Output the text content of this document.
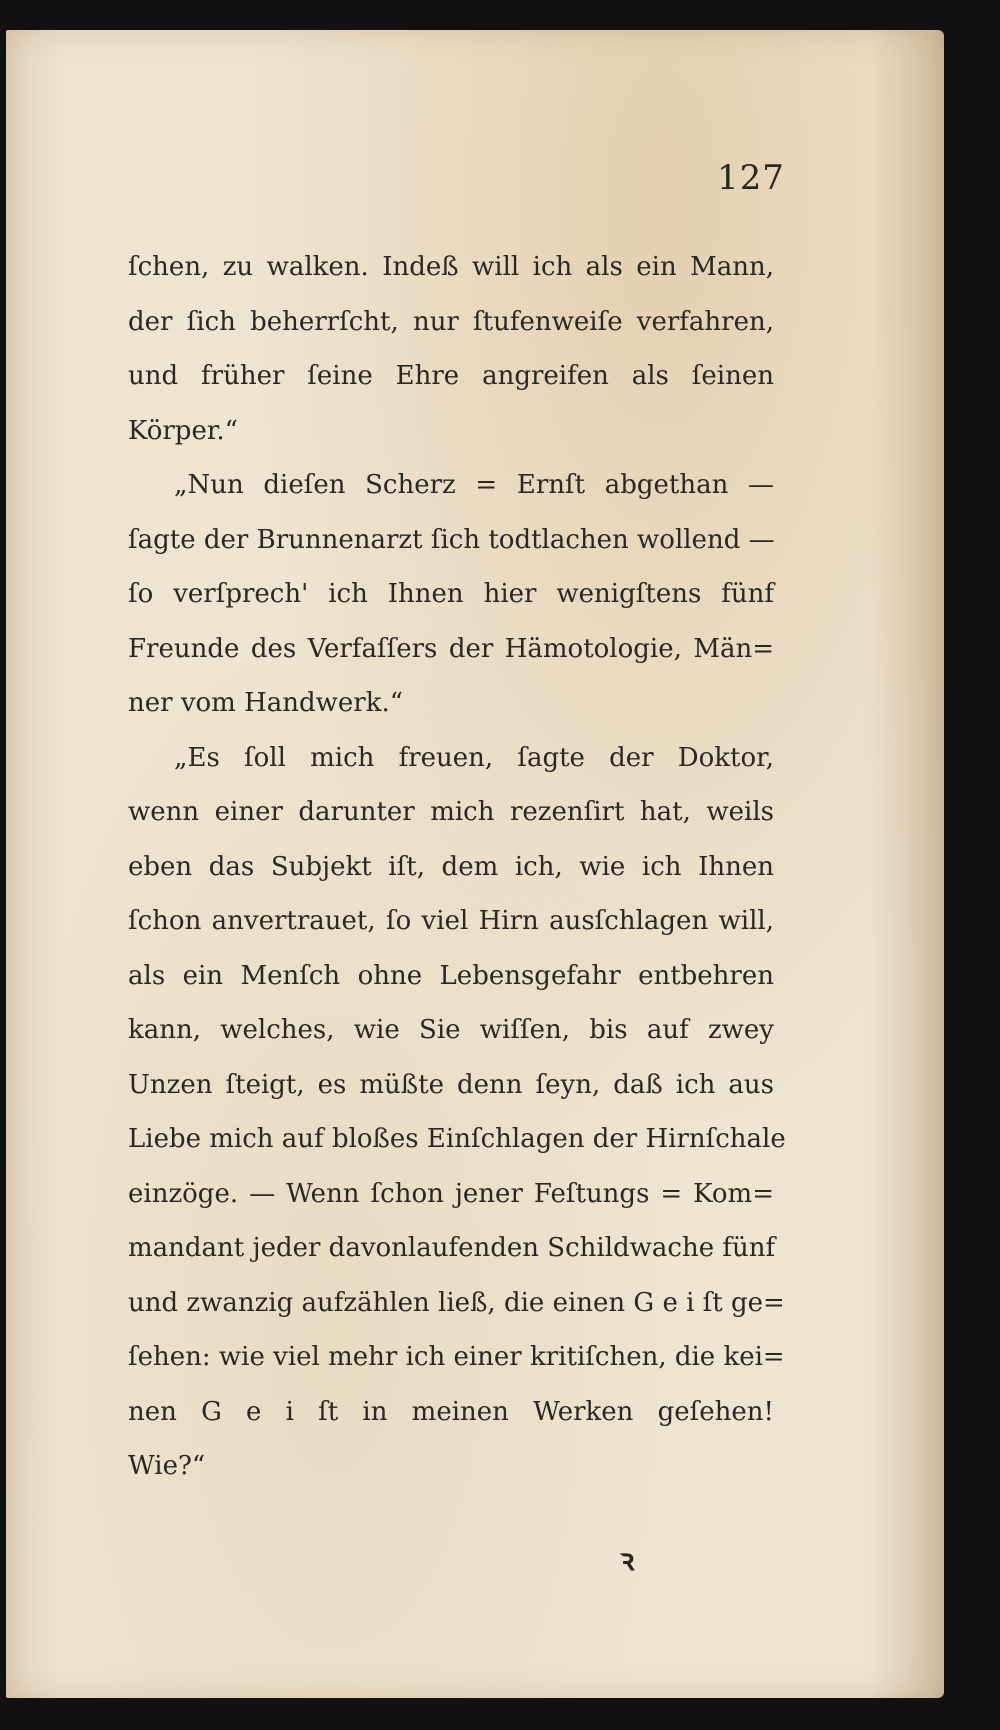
127
ſchen, zu walken. Indeß will ich als ein Mann,
der ſich beherrſcht, nur ſtufenweiſe verfahren,
und früher ſeine Ehre angreifen als ſeinen
Körper.“
„Nun dieſen Scherz = Ernſt abgethan —
ſagte der Brunnenarzt ſich todtlachen wollend —
ſo verſprech' ich Ihnen hier wenigſtens fünf
Freunde des Verfaſſers der Hämotologie, Män=
ner vom Handwerk.“
„Es ſoll mich freuen, ſagte der Doktor,
wenn einer darunter mich rezenſirt hat, weils
eben das Subjekt iſt, dem ich, wie ich Ihnen
ſchon anvertrauet, ſo viel Hirn ausſchlagen will,
als ein Menſch ohne Lebensgefahr entbehren
kann, welches, wie Sie wiſſen, bis auf zwey
Unzen ſteigt, es müßte denn ſeyn, daß ich aus
Liebe mich auf bloßes Einſchlagen der Hirnſchale
einzöge. — Wenn ſchon jener Feſtungs = Kom=
mandant jeder davonlaufenden Schildwache fünf
und zwanzig aufzählen ließ, die einen G e i ſt ge=
ſehen: wie viel mehr ich einer kritiſchen, die kei=
nen G e i ſt in meinen Werken geſehen!
Wie?“
ꝛ
